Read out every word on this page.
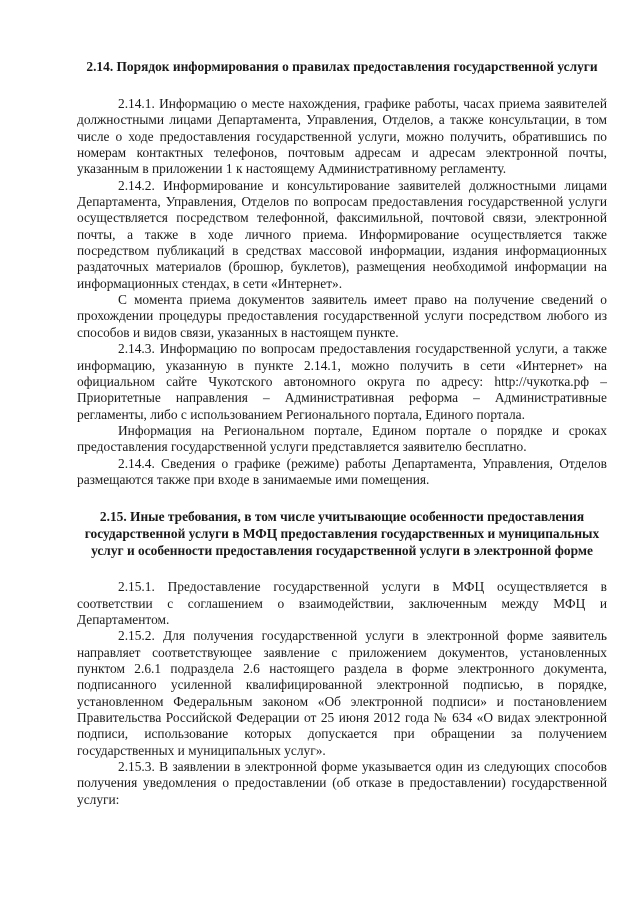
2.14. Порядок информирования о правилах предоставления государственной услуги

2.14.1. Информацию о месте нахождения, графике работы, часах приема заявителей должностными лицами Департамента, Управления, Отделов, а также консультации, в том числе о ходе предоставления государственной услуги, можно получить, обратившись по номерам контактных телефонов, почтовым адресам и адресам электронной почты, указанным в приложении 1 к настоящему Административному регламенту.

2.14.2. Информирование и консультирование заявителей должностными лицами Департамента, Управления, Отделов по вопросам предоставления государственной услуги осуществляется посредством телефонной, факсимильной, почтовой связи, электронной почты, а также в ходе личного приема. Информирование осуществляется также посредством публикаций в средствах массовой информации, издания информационных раздаточных материалов (брошюр, буклетов), размещения необходимой информации на информационных стендах, в сети «Интернет».

С момента приема документов заявитель имеет право на получение сведений о прохождении процедуры предоставления государственной услуги посредством любого из способов и видов связи, указанных в настоящем пункте.

2.14.3. Информацию по вопросам предоставления государственной услуги, а также информацию, указанную в пункте 2.14.1, можно получить в сети «Интернет» на официальном сайте Чукотского автономного округа по адресу: http://чукотка.рф – Приоритетные направления – Административная реформа – Административные регламенты, либо с использованием Регионального портала, Единого портала.

Информация на Региональном портале, Едином портале о порядке и сроках предоставления государственной услуги представляется заявителю бесплатно.

2.14.4. Сведения о графике (режиме) работы Департамента, Управления, Отделов размещаются также при входе в занимаемые ими помещения.

2.15. Иные требования, в том числе учитывающие особенности предоставления государственной услуги в МФЦ предоставления государственных и муниципальных услуг и особенности предоставления государственной услуги в электронной форме

2.15.1. Предоставление государственной услуги в МФЦ осуществляется в соответствии с соглашением о взаимодействии, заключенным между МФЦ и Департаментом.

2.15.2. Для получения государственной услуги в электронной форме заявитель направляет соответствующее заявление с приложением документов, установленных пунктом 2.6.1 подраздела 2.6 настоящего раздела в форме электронного документа, подписанного усиленной квалифицированной электронной подписью, в порядке, установленном Федеральным законом «Об электронной подписи» и постановлением Правительства Российской Федерации от 25 июня 2012 года № 634 «О видах электронной подписи, использование которых допускается при обращении за получением государственных и муниципальных услуг».

2.15.3. В заявлении в электронной форме указывается один из следующих способов получения уведомления о предоставлении (об отказе в предоставлении) государственной услуги:
